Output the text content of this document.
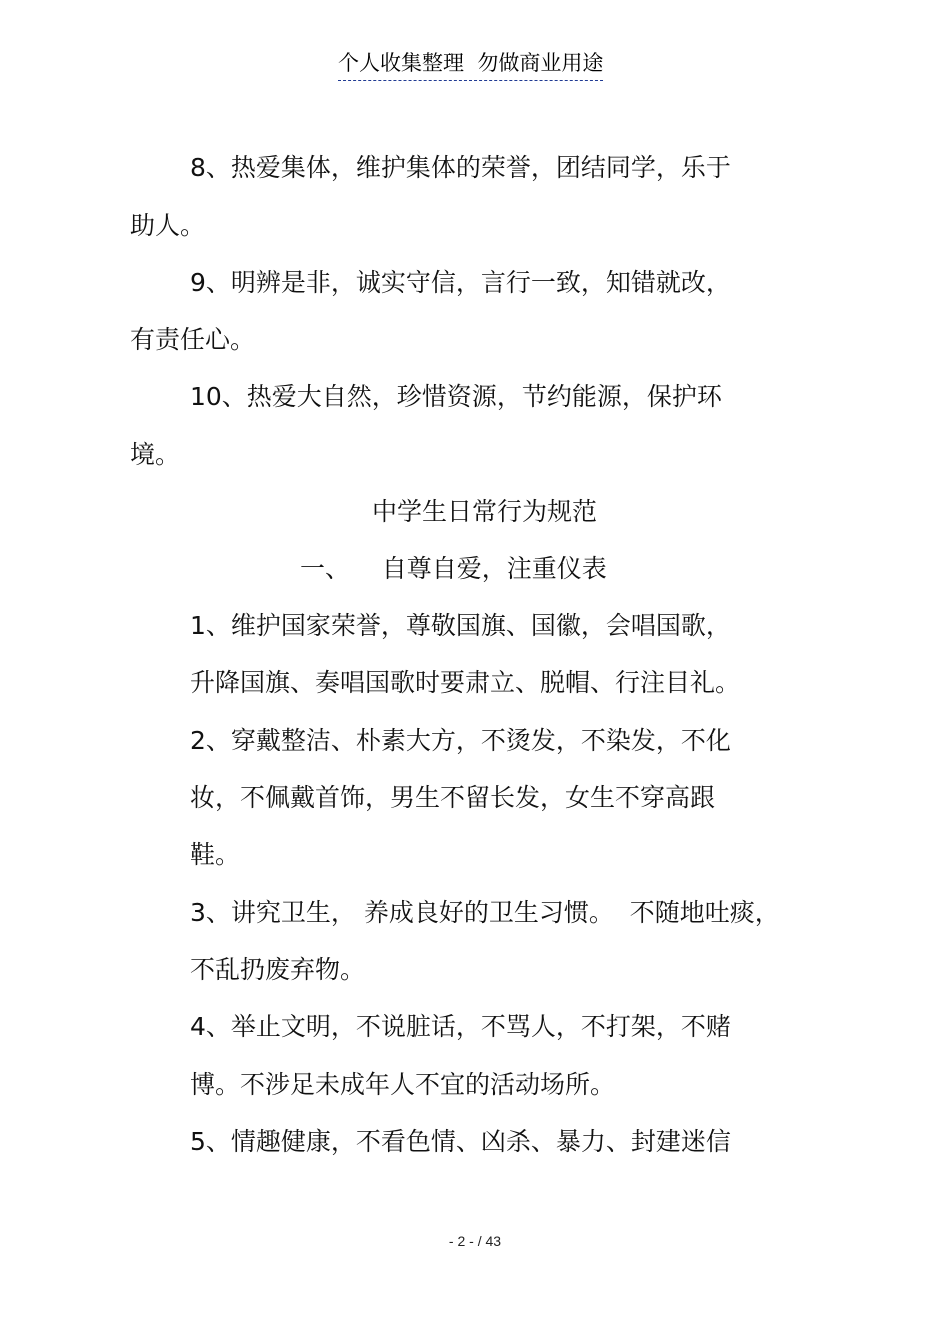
个人收集整理  勿做商业用途
8、热爱集体，维护集体的荣誉，团结同学，乐于
助人。
9、明辨是非，诚实守信，言行一致，知错就改，
有责任心。
10、热爱大自然，珍惜资源，节约能源，保护环
境。
中学生日常行为规范
一、    自尊自爱，注重仪表
1、维护国家荣誉，尊敬国旗、国徽，会唱国歌，
升降国旗、奏唱国歌时要肃立、脱帽、行注目礼。
2、穿戴整洁、朴素大方，不烫发，不染发，不化
妆，不佩戴首饰，男生不留长发，女生不穿高跟
鞋。
3、讲究卫生， 养成良好的卫生习惯。  不随地吐痰，
不乱扔废弃物。
4、举止文明，不说脏话，不骂人，不打架，不赌
博。不涉足未成年人不宜的活动场所。
5、情趣健康，不看色情、凶杀、暴力、封建迷信
- 2 - / 43
